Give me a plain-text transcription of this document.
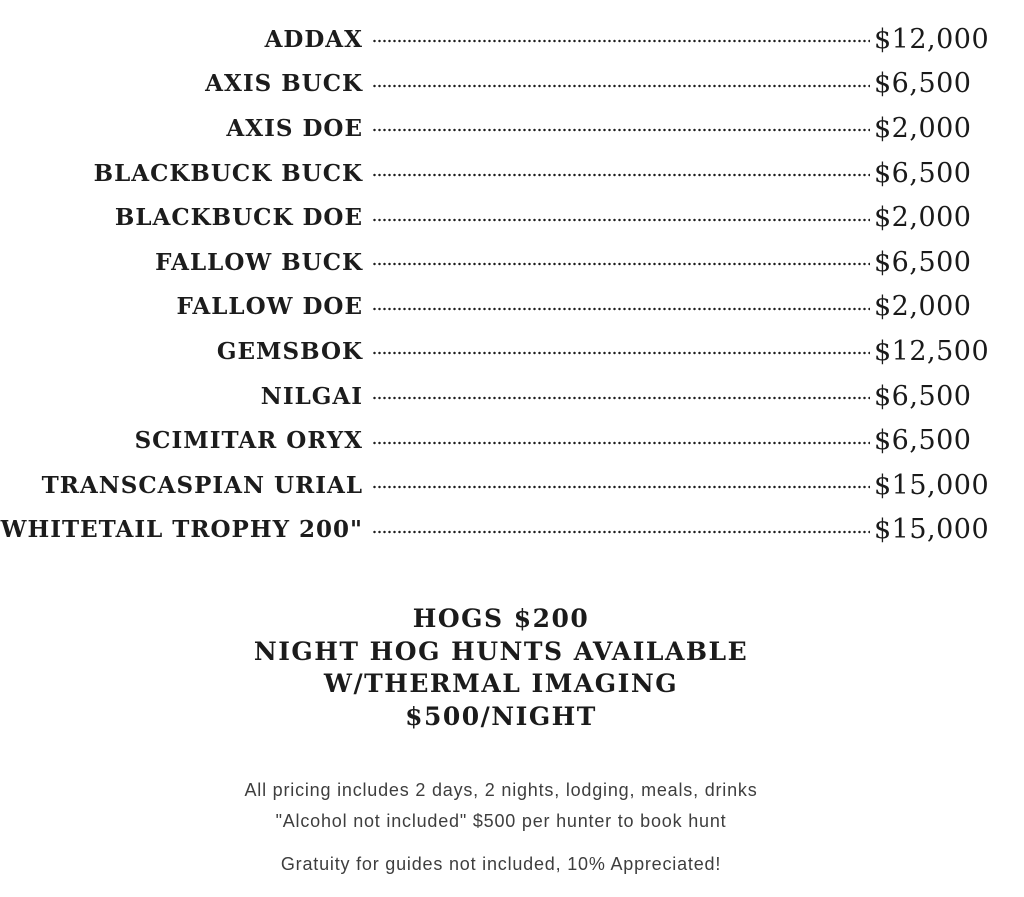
ADDAX	$12,000
AXIS BUCK	$6,500
AXIS DOE	$2,000
BLACKBUCK BUCK	$6,500
BLACKBUCK DOE	$2,000
FALLOW BUCK	$6,500
FALLOW DOE	$2,000
GEMSBOK	$12,500
NILGAI	$6,500
SCIMITAR ORYX	$6,500
TRANSCASPIAN URIAL	$15,000
WHITETAIL TROPHY 200"	$15,000
HOGS $200
NIGHT HOG HUNTS AVAILABLE
W/THERMAL IMAGING
$500/NIGHT
All pricing includes 2 days, 2 nights, lodging, meals, drinks
"Alcohol not included" $500 per hunter to book hunt
Gratuity for guides not included, 10% Appreciated!
